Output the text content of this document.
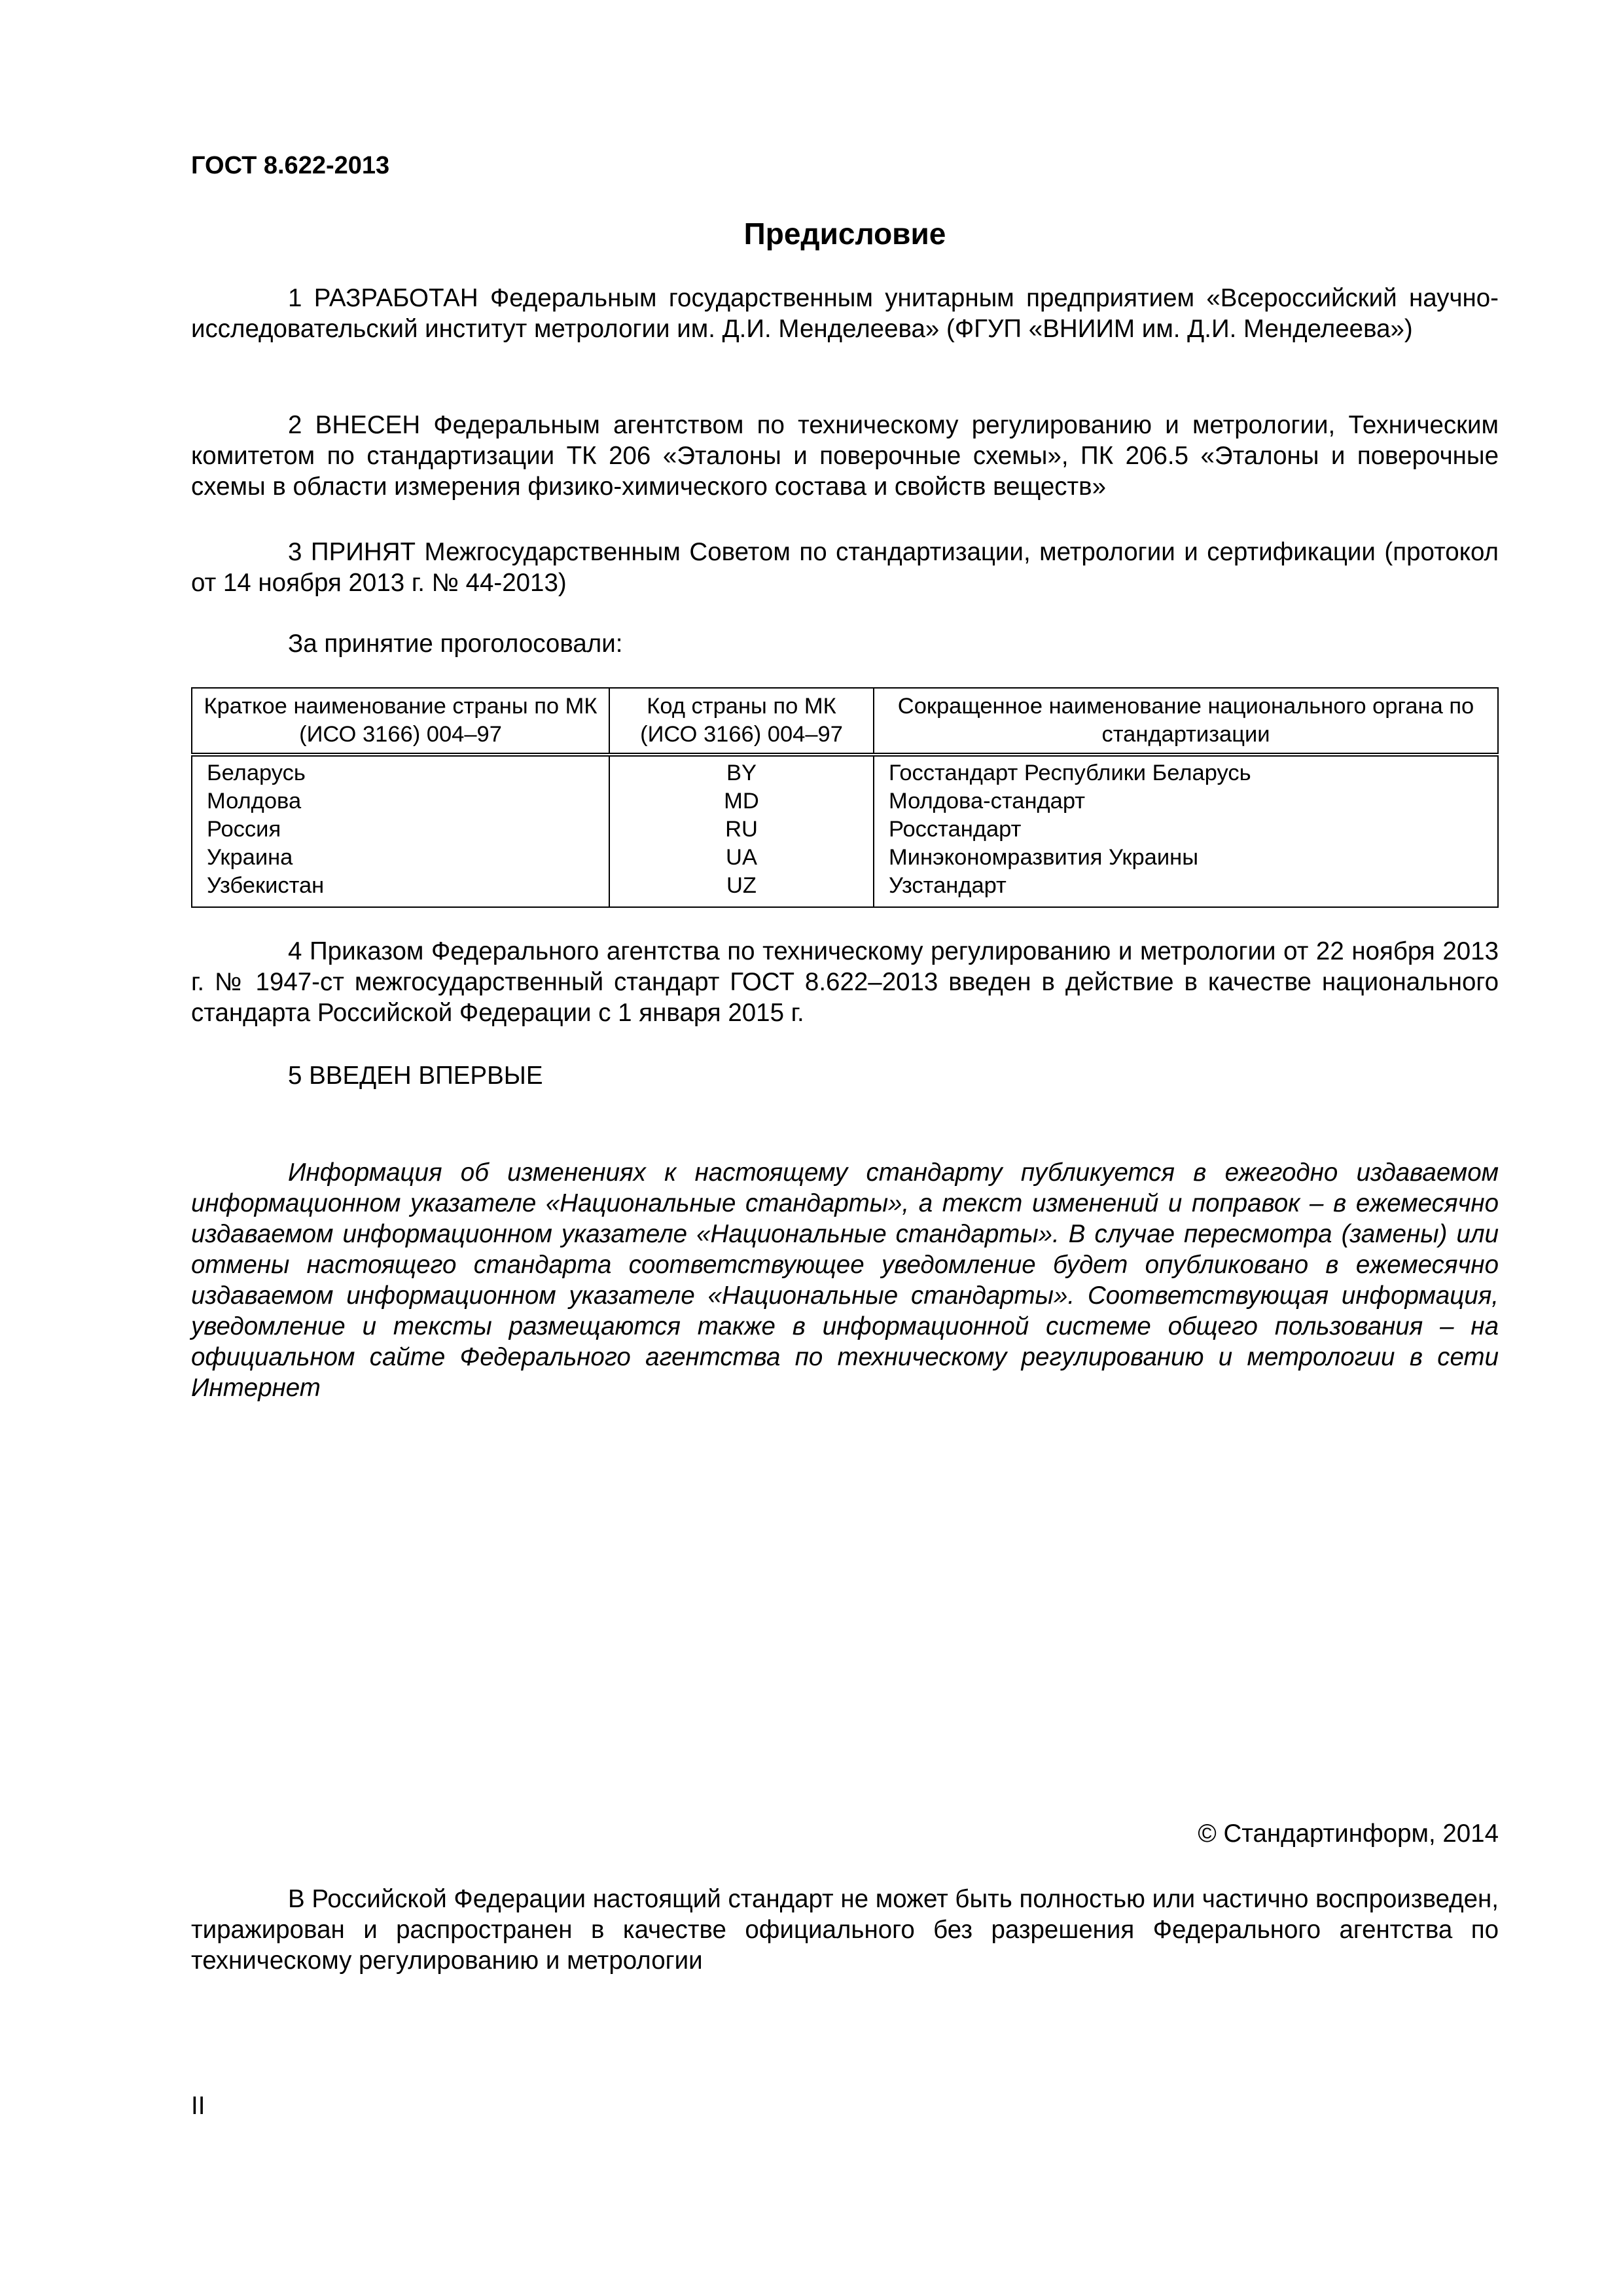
ГОСТ 8.622-2013
Предисловие
1 РАЗРАБОТАН Федеральным государственным унитарным предприятием «Всероссийский научно-исследовательский институт метрологии им. Д.И. Менделеева» (ФГУП «ВНИИМ им. Д.И. Менделеева»)
2 ВНЕСЕН Федеральным агентством по техническому регулированию и метрологии, Техническим комитетом по стандартизации ТК 206 «Эталоны и поверочные схемы», ПК 206.5 «Эталоны и поверочные схемы в области измерения физико-химического состава и свойств веществ»
3 ПРИНЯТ Межгосударственным Советом по стандартизации, метрологии и сертификации (протокол от 14 ноября 2013 г. № 44-2013)
За принятие проголосовали:
Краткое наименование страны по МК (ИСО 3166) 004–97	Код страны по МК (ИСО 3166) 004–97	Сокращенное наименование национального органа по стандартизации
Беларусь	BY	Госстандарт Республики Беларусь
Молдова	MD	Молдова-стандарт
Россия	RU	Росстандарт
Украина	UA	Минэкономразвития Украины
Узбекистан	UZ	Узстандарт
4 Приказом Федерального агентства по техническому регулированию и метрологии от 22 ноября 2013 г. № 1947-ст межгосударственный стандарт ГОСТ 8.622–2013 введен в действие в качестве национального стандарта Российской Федерации с 1 января 2015 г.
5 ВВЕДЕН ВПЕРВЫЕ
Информация об изменениях к настоящему стандарту публикуется в ежегодно издаваемом информационном указателе «Национальные стандарты», а текст изменений и поправок – в ежемесячно издаваемом информационном указателе «Национальные стандарты». В случае пересмотра (замены) или отмены настоящего стандарта соответствующее уведомление будет опубликовано в ежемесячно издаваемом информационном указателе «Национальные стандарты». Соответствующая информация, уведомление и тексты размещаются также в информационной системе общего пользования – на официальном сайте Федерального агентства по техническому регулированию и метрологии в сети Интернет
© Стандартинформ, 2014
В Российской Федерации настоящий стандарт не может быть полностью или частично воспроизведен, тиражирован и распространен в качестве официального без разрешения Федерального агентства по техническому регулированию и метрологии
II
